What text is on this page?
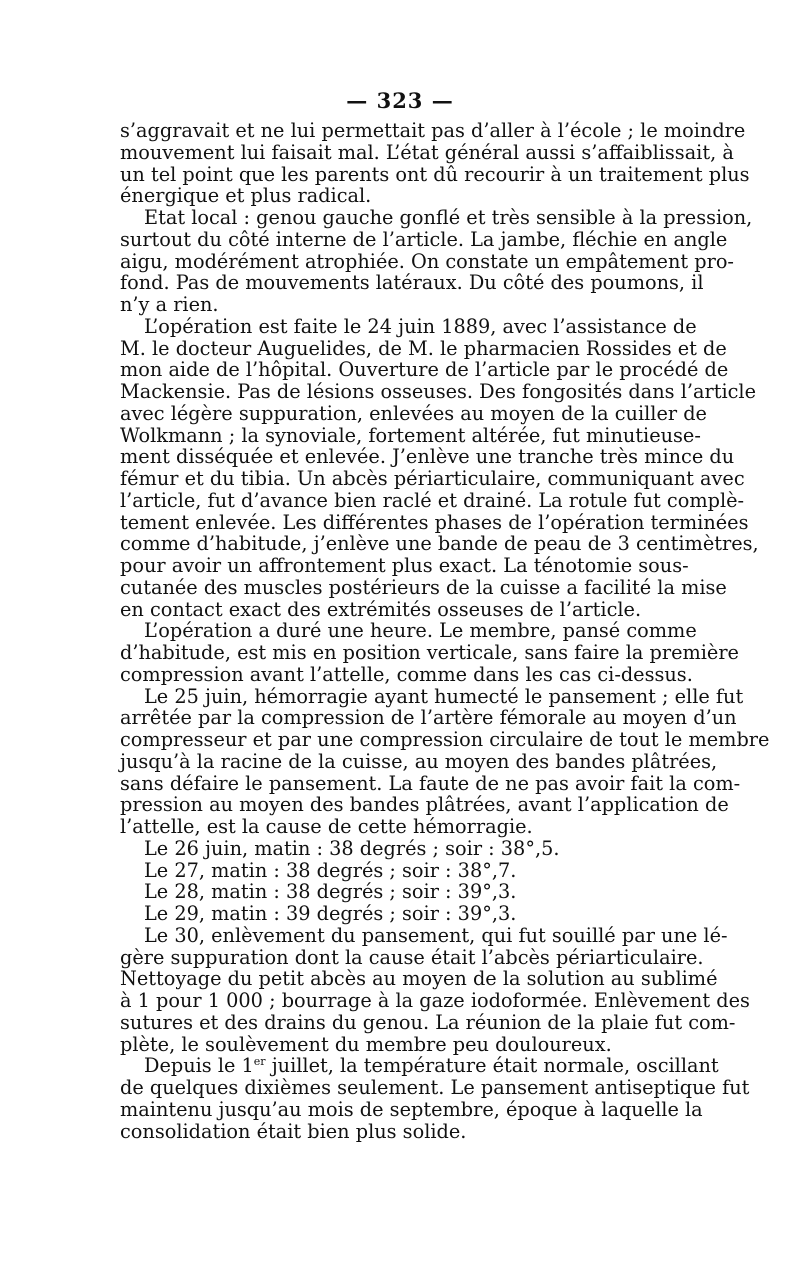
— 323 —
s’aggravait et ne lui permettait pas d’aller à l’école ; le moindre
mouvement lui faisait mal. L’état général aussi s’affaiblissait, à
un tel point que les parents ont dû recourir à un traitement plus
énergique et plus radical.
Etat local : genou gauche gonflé et très sensible à la pression,
surtout du côté interne de l’article. La jambe, fléchie en angle
aigu, modérément atrophiée. On constate un empâtement pro-
fond. Pas de mouvements latéraux. Du côté des poumons, il
n’y a rien.
L’opération est faite le 24 juin 1889, avec l’assistance de
M. le docteur Auguelides, de M. le pharmacien Rossides et de
mon aide de l’hôpital. Ouverture de l’article par le procédé de
Mackensie. Pas de lésions osseuses. Des fongosités dans l’article
avec légère suppuration, enlevées au moyen de la cuiller de
Wolkmann ; la synoviale, fortement altérée, fut minutieuse-
ment disséquée et enlevée. J’enlève une tranche très mince du
fémur et du tibia. Un abcès périarticulaire, communiquant avec
l’article, fut d’avance bien raclé et drainé. La rotule fut complè-
tement enlevée. Les différentes phases de l’opération terminées
comme d’habitude, j’enlève une bande de peau de 3 centimètres,
pour avoir un affrontement plus exact. La ténotomie sous-
cutanée des muscles postérieurs de la cuisse a facilité la mise
en contact exact des extrémités osseuses de l’article.
L’opération a duré une heure. Le membre, pansé comme
d’habitude, est mis en position verticale, sans faire la première
compression avant l’attelle, comme dans les cas ci-dessus.
Le 25 juin, hémorragie ayant humecté le pansement ; elle fut
arrêtée par la compression de l’artère fémorale au moyen d’un
compresseur et par une compression circulaire de tout le membre
jusqu’à la racine de la cuisse, au moyen des bandes plâtrées,
sans défaire le pansement. La faute de ne pas avoir fait la com-
pression au moyen des bandes plâtrées, avant l’application de
l’attelle, est la cause de cette hémorragie.
Le 26 juin, matin : 38 degrés ; soir : 38°,5.
Le 27, matin : 38 degrés ; soir : 38°,7.
Le 28, matin : 38 degrés ; soir : 39°,3.
Le 29, matin : 39 degrés ; soir : 39°,3.
Le 30, enlèvement du pansement, qui fut souillé par une lé-
gère suppuration dont la cause était l’abcès périarticulaire.
Nettoyage du petit abcès au moyen de la solution au sublimé
à 1 pour 1 000 ; bourrage à la gaze iodoformée. Enlèvement des
sutures et des drains du genou. La réunion de la plaie fut com-
plète, le soulèvement du membre peu douloureux.
Depuis le 1er juillet, la température était normale, oscillant
de quelques dixièmes seulement. Le pansement antiseptique fut
maintenu jusqu’au mois de septembre, époque à laquelle la
consolidation était bien plus solide.
